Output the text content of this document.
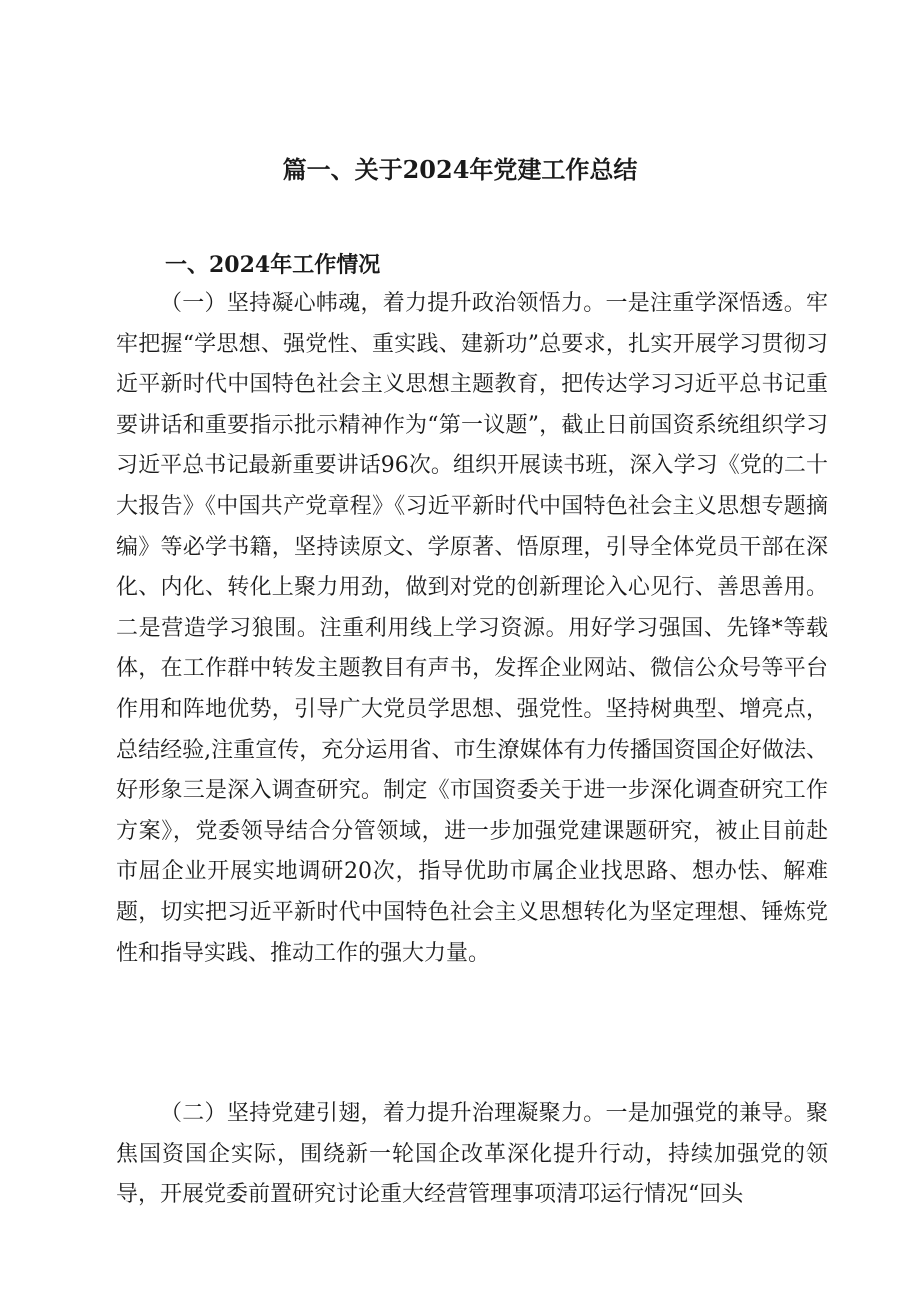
篇一、关于2024年党建工作总结
一、2024年工作情况

（一）坚持凝心帏魂，着力提升政治领悟力。一是注重学深悟透。牢牢把握“学思想、强党性、重实践、建新功”总要求，扎实开展学习贯彻习近平新时代中国特色社会主义思想主题教育，把传达学习习近平总书记重要讲话和重要指示批示精神作为“第一议题”，截止日前国资系统组织学习习近平总书记最新重要讲话96次。组织开展读书班，深入学习《党的二十大报告》《中国共产党章程》《习近平新时代中国特色社会主义思想专题摘编》等必学书籍，坚持读原文、学原著、悟原理，引导全体党员干部在深化、内化、转化上聚力用劲，做到对党的创新理论入心见行、善思善用。二是营造学习狼围。注重利用线上学习资源。用好学习强国、先锋*等载体，在工作群中转发主题教目有声书，发挥企业网站、微信公众号等平台作用和阵地优势，引导广大党员学思想、强党性。坚持树典型、增亮点，总结经验,注重宣传，充分运用省、市生潦媒体有力传播国资国企好做法、好形象三是深入调查研究。制定《市国资委关于进一步深化调查研究工作方案》，党委领导结合分管领域，进一步加强党建课题研究，被止目前赴市屈企业开展实地调研20次，指导优助市属企业找思路、想办怯、解难题，切实把习近平新时代中国特色社会主义思想转化为坚定理想、锤炼党性和指导实践、推动工作的强大力量。

（二）坚持党建引翅，着力提升治理凝聚力。一是加强党的兼导。聚焦国资国企实际，围绕新一轮国企改革深化提升行动，持续加强党的领导，开展党委前置研究讨论重大经营管理事项清邛运行情况“回头
